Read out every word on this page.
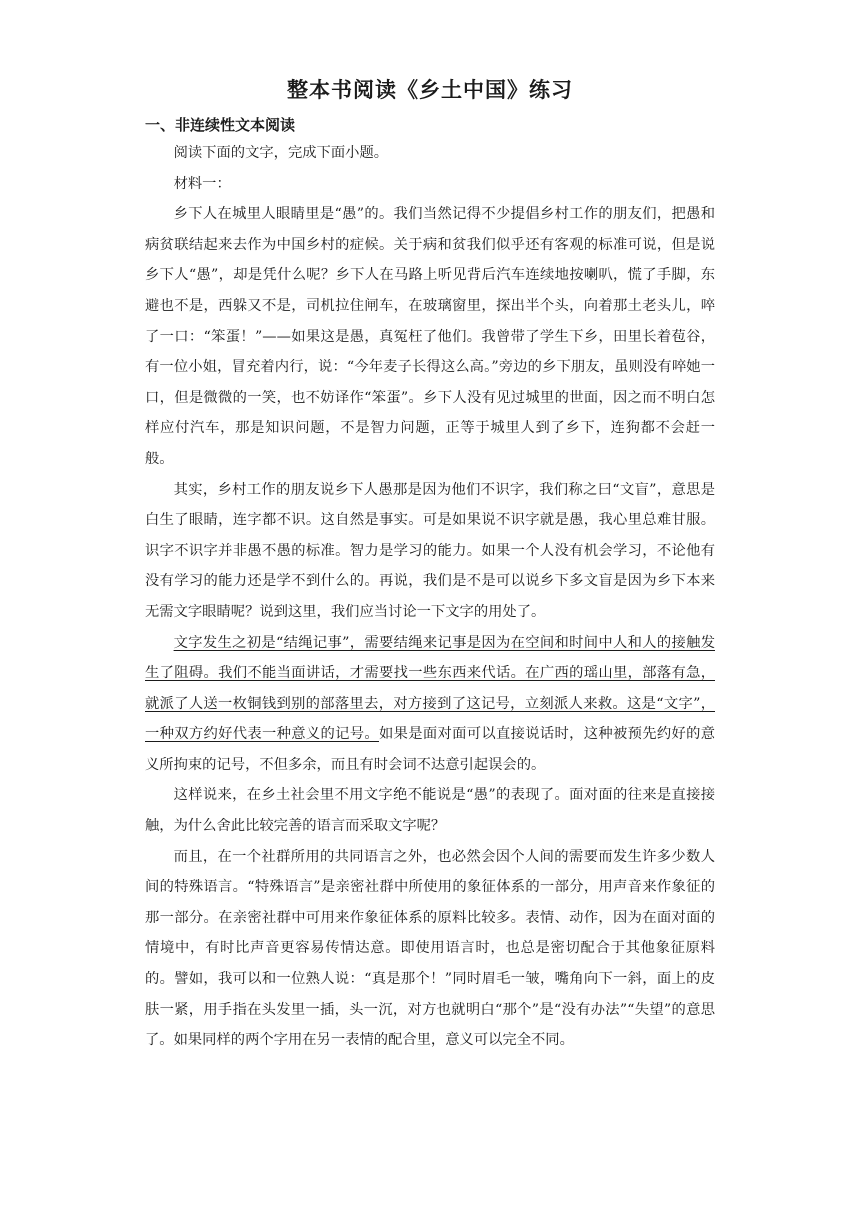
整本书阅读《乡土中国》练习
一、非连续性文本阅读

阅读下面的文字，完成下面小题。

材料一：

乡下人在城里人眼睛里是“愚”的。我们当然记得不少提倡乡村工作的朋友们，把愚和病贫联结起来去作为中国乡村的症候。关于病和贫我们似乎还有客观的标准可说，但是说乡下人“愚”，却是凭什么呢？乡下人在马路上听见背后汽车连续地按喇叭，慌了手脚，东避也不是，西躲又不是，司机拉住闸车，在玻璃窗里，探出半个头，向着那土老头儿，啐了一口：“笨蛋！”——如果这是愚，真冤枉了他们。我曾带了学生下乡，田里长着苞谷，有一位小姐，冒充着内行，说：“今年麦子长得这么高。”旁边的乡下朋友，虽则没有啐她一口，但是微微的一笑，也不妨译作“笨蛋”。乡下人没有见过城里的世面，因之而不明白怎样应付汽车，那是知识问题，不是智力问题，正等于城里人到了乡下，连狗都不会赶一般。

其实，乡村工作的朋友说乡下人愚那是因为他们不识字，我们称之曰“文盲”，意思是白生了眼睛，连字都不识。这自然是事实。可是如果说不识字就是愚，我心里总难甘服。识字不识字并非愚不愚的标准。智力是学习的能力。如果一个人没有机会学习，不论他有没有学习的能力还是学不到什么的。再说，我们是不是可以说乡下多文盲是因为乡下本来无需文字眼睛呢？说到这里，我们应当讨论一下文字的用处了。

文字发生之初是“结绳记事”，需要结绳来记事是因为在空间和时间中人和人的接触发生了阻碍。我们不能当面讲话，才需要找一些东西来代话。在广西的瑶山里，部落有急，就派了人送一枚铜钱到别的部落里去，对方接到了这记号，立刻派人来救。这是“文字”，一种双方约好代表一种意义的记号。如果是面对面可以直接说话时，这种被预先约好的意义所拘束的记号，不但多余，而且有时会词不达意引起误会的。

这样说来，在乡土社会里不用文字绝不能说是“愚”的表现了。面对面的往来是直接接触，为什么舍此比较完善的语言而采取文字呢？

而且，在一个社群所用的共同语言之外，也必然会因个人间的需要而发生许多少数人间的特殊语言。“特殊语言”是亲密社群中所使用的象征体系的一部分，用声音来作象征的那一部分。在亲密社群中可用来作象征体系的原料比较多。表情、动作，因为在面对面的情境中，有时比声音更容易传情达意。即使用语言时，也总是密切配合于其他象征原料的。譬如，我可以和一位熟人说：“真是那个！”同时眉毛一皱，嘴角向下一斜，面上的皮肤一紧，用手指在头发里一插，头一沉，对方也就明白“那个”是“没有办法”“失望”的意思了。如果同样的两个字用在另一表情的配合里，意义可以完全不同。
